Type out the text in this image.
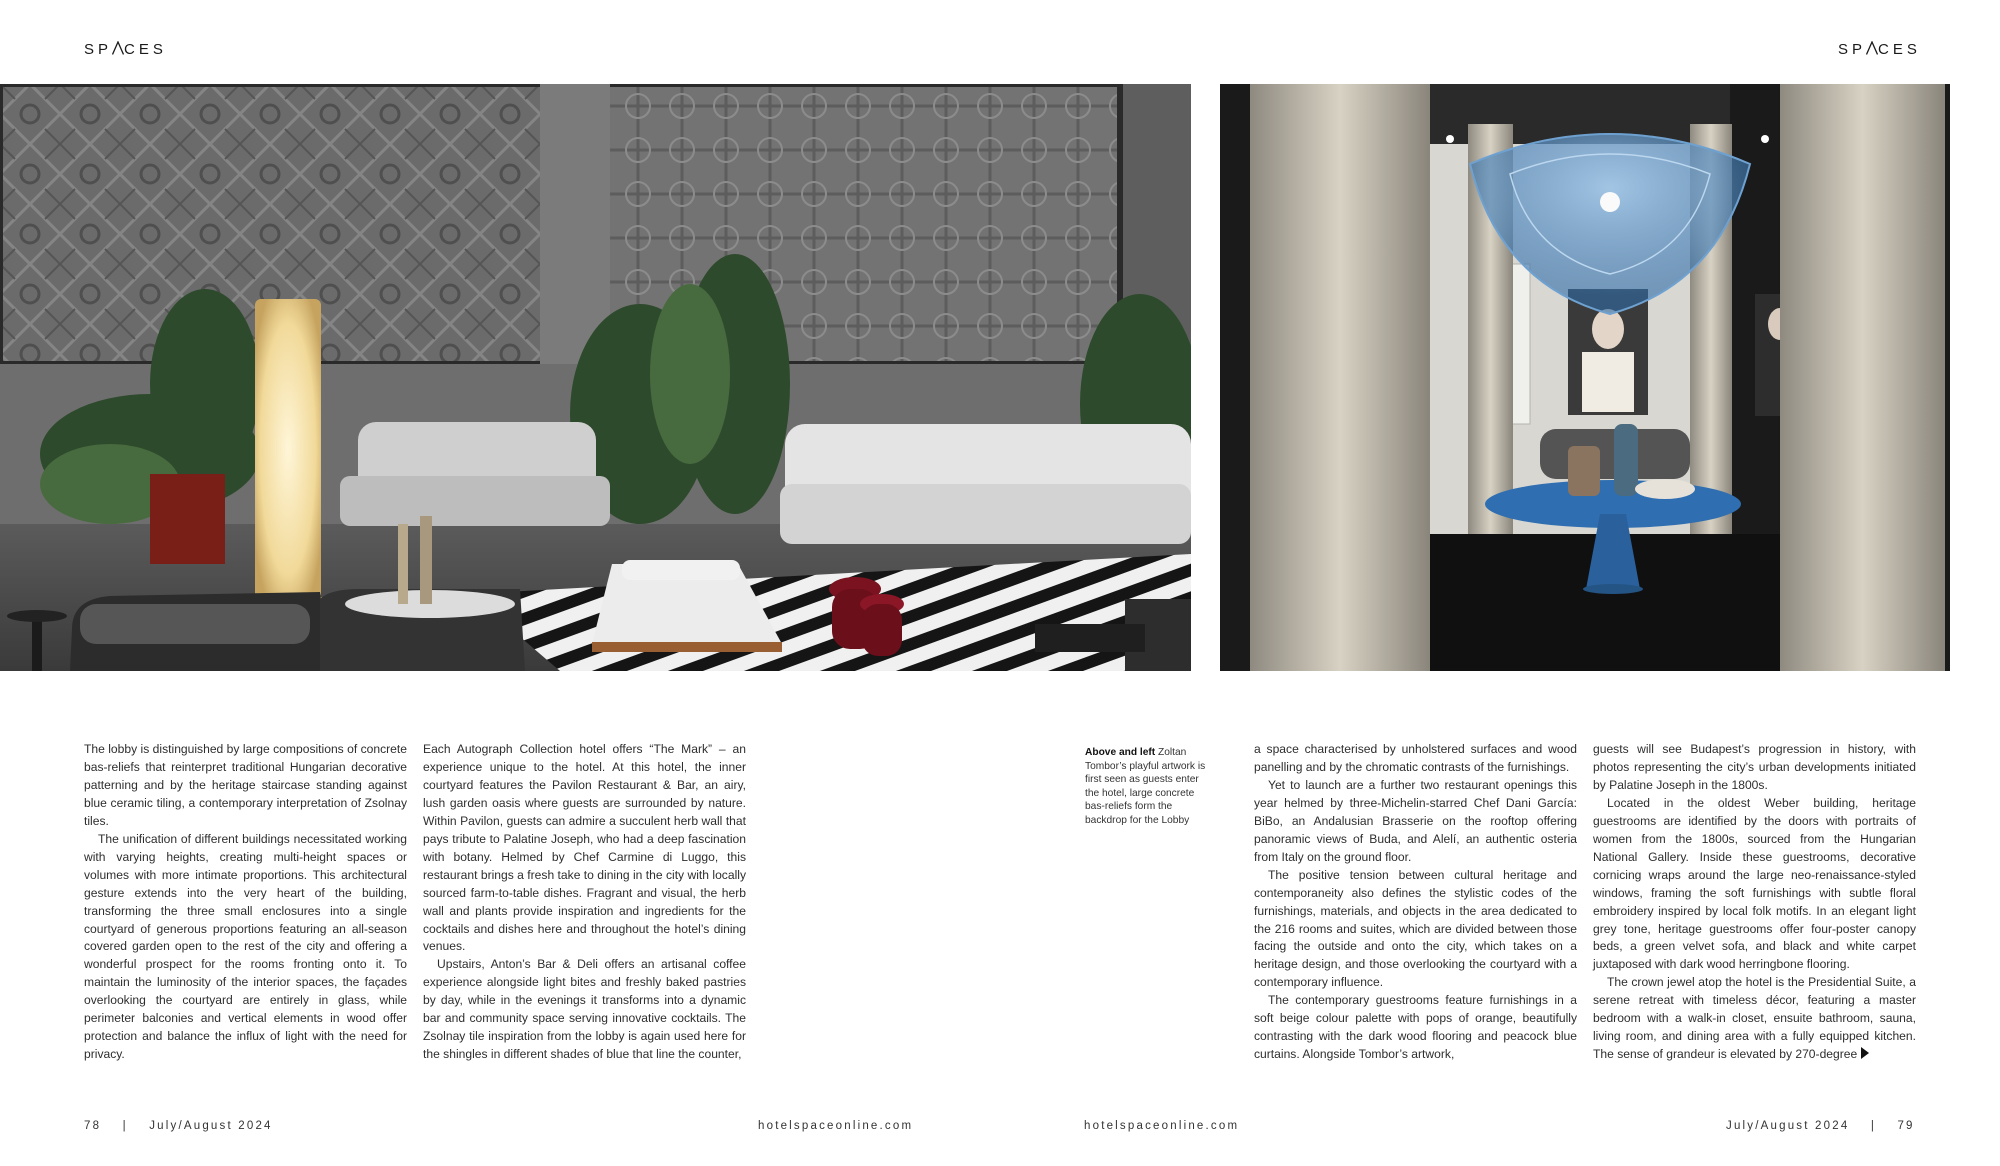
SP CES	SP CES

The lobby is distinguished by large compositions of concrete bas-reliefs that reinterpret traditional Hungarian decorative patterning and by the heritage staircase standing against blue ceramic tiling, a contemporary interpretation of Zsolnay tiles.

The unification of different buildings necessitated working with varying heights, creating multi-height spaces or volumes with more intimate proportions. This architectural gesture extends into the very heart of the building, transforming the three small enclosures into a single courtyard of generous proportions featuring an all-season covered garden open to the rest of the city and offering a wonderful prospect for the rooms fronting onto it. To maintain the luminosity of the interior spaces, the façades overlooking the courtyard are entirely in glass, while perimeter balconies and vertical elements in wood offer protection and balance the influx of light with the need for privacy.

Each Autograph Collection hotel offers “The Mark” – an experience unique to the hotel. At this hotel, the inner courtyard features the Pavilon Restaurant & Bar, an airy, lush garden oasis where guests are surrounded by nature. Within Pavilon, guests can admire a succulent herb wall that pays tribute to Palatine Joseph, who had a deep fascination with botany. Helmed by Chef Carmine di Luggo, this restaurant brings a fresh take to dining in the city with locally sourced farm-to-table dishes. Fragrant and visual, the herb wall and plants provide inspiration and ingredients for the cocktails and dishes here and throughout the hotel’s dining venues.

Upstairs, Anton’s Bar & Deli offers an artisanal coffee experience alongside light bites and freshly baked pastries by day, while in the evenings it transforms into a dynamic bar and community space serving innovative cocktails. The Zsolnay tile inspiration from the lobby is again used here for the shingles in different shades of blue that line the counter,

Above and left Zoltan Tombor’s playful artwork is first seen as guests enter the hotel, large concrete bas-reliefs form the backdrop for the Lobby

a space characterised by unholstered surfaces and wood panelling and by the chromatic contrasts of the furnishings.

Yet to launch are a further two restaurant openings this year helmed by three-Michelin-starred Chef Dani García: BiBo, an Andalusian Brasserie on the rooftop offering panoramic views of Buda, and Alelí, an authentic osteria from Italy on the ground floor.

The positive tension between cultural heritage and contemporaneity also defines the stylistic codes of the furnishings, materials, and objects in the area dedicated to the 216 rooms and suites, which are divided between those facing the outside and onto the city, which takes on a heritage design, and those overlooking the courtyard with a contemporary influence.

The contemporary guestrooms feature furnishings in a soft beige colour palette with pops of orange, beautifully contrasting with the dark wood flooring and peacock blue curtains. Alongside Tombor’s artwork,

guests will see Budapest’s progression in history, with photos representing the city’s urban developments initiated by Palatine Joseph in the 1800s.

Located in the oldest Weber building, heritage guestrooms are identified by the doors with portraits of women from the 1800s, sourced from the Hungarian National Gallery. Inside these guestrooms, decorative cornicing wraps around the large neo-renaissance-styled windows, framing the soft furnishings with subtle floral embroidery inspired by local folk motifs. In an elegant light grey tone, heritage guestrooms offer four-poster canopy beds, a green velvet sofa, and black and white carpet juxtaposed with dark wood herringbone flooring.

The crown jewel atop the hotel is the Presidential Suite, a serene retreat with timeless décor, featuring a master bedroom with a walk-in closet, ensuite bathroom, sauna, living room, and dining area with a fully equipped kitchen. The sense of grandeur is elevated by 270-degree

78 | July/August 2024	hotelspaceonline.com	hotelspaceonline.com	July/August 2024 | 79
